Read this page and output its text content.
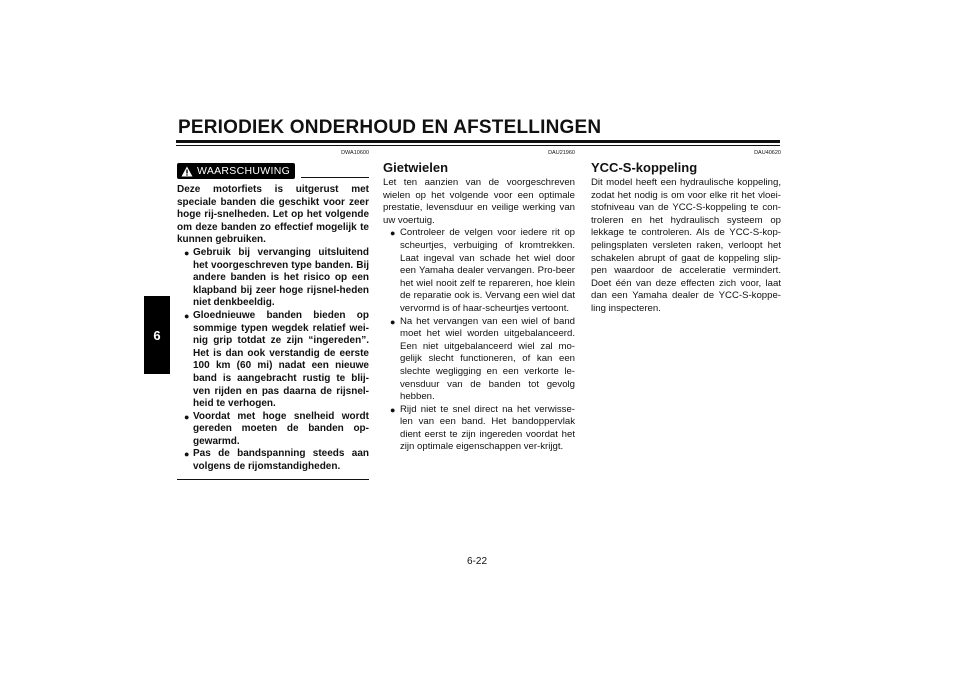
PERIODIEK ONDERHOUD EN AFSTELLINGEN
6
DWA10600
WAARSCHUWING

Deze motorfiets is uitgerust met speciale banden die geschikt voor zeer hoge rij-snelheden. Let op het volgende om deze banden zo effectief mogelijk te kunnen gebruiken.

● Gebruik bij vervanging uitsluitend het voorgeschreven type banden. Bij andere banden is het risico op een klapband bij zeer hoge rijsnel-heden niet denkbeeldig.
● Gloednieuwe banden bieden op sommige typen wegdek relatief wei-nig grip totdat ze zijn “ingereden”. Het is dan ook verstandig de eerste 100 km (60 mi) nadat een nieuwe band is aangebracht rustig te blij-ven rijden en pas daarna de rijsnel-heid te verhogen.
● Voordat met hoge snelheid wordt gereden moeten de banden op-gewarmd.
● Pas de bandspanning steeds aan volgens de rijomstandigheden.
DAU21960
Gietwielen

Let ten aanzien van de voorgeschreven wielen op het volgende voor een optimale prestatie, levensduur en veilige werking van uw voertuig.

● Controleer de velgen voor iedere rit op scheurtjes, verbuiging of kromtrekken. Laat ingeval van schade het wiel door een Yamaha dealer vervangen. Pro-beer het wiel nooit zelf te repareren, hoe klein de reparatie ook is. Vervang een wiel dat vervormd is of haar-scheurtjes vertoont.
● Na het vervangen van een wiel of band moet het wiel worden uitgebalanceerd. Een niet uitgebalanceerd wiel zal mo-gelijk slecht functioneren, of kan een slechte wegligging en een verkorte le-vensduur van de banden tot gevolg hebben.
● Rijd niet te snel direct na het verwisse-len van een band. Het bandoppervlak dient eerst te zijn ingereden voordat het zijn optimale eigenschappen ver-krijgt.
DAU40620
YCC-S-koppeling

Dit model heeft een hydraulische koppeling, zodat het nodig is om voor elke rit het vloei-stofniveau van de YCC-S-koppeling te con-troleren en het hydraulisch systeem op lekkage te controleren. Als de YCC-S-kop-pelingsplaten versleten raken, verloopt het schakelen abrupt of gaat de koppeling slip-pen waardoor de acceleratie vermindert. Doet één van deze effecten zich voor, laat dan een Yamaha dealer de YCC-S-koppe-ling inspecteren.

6-22
